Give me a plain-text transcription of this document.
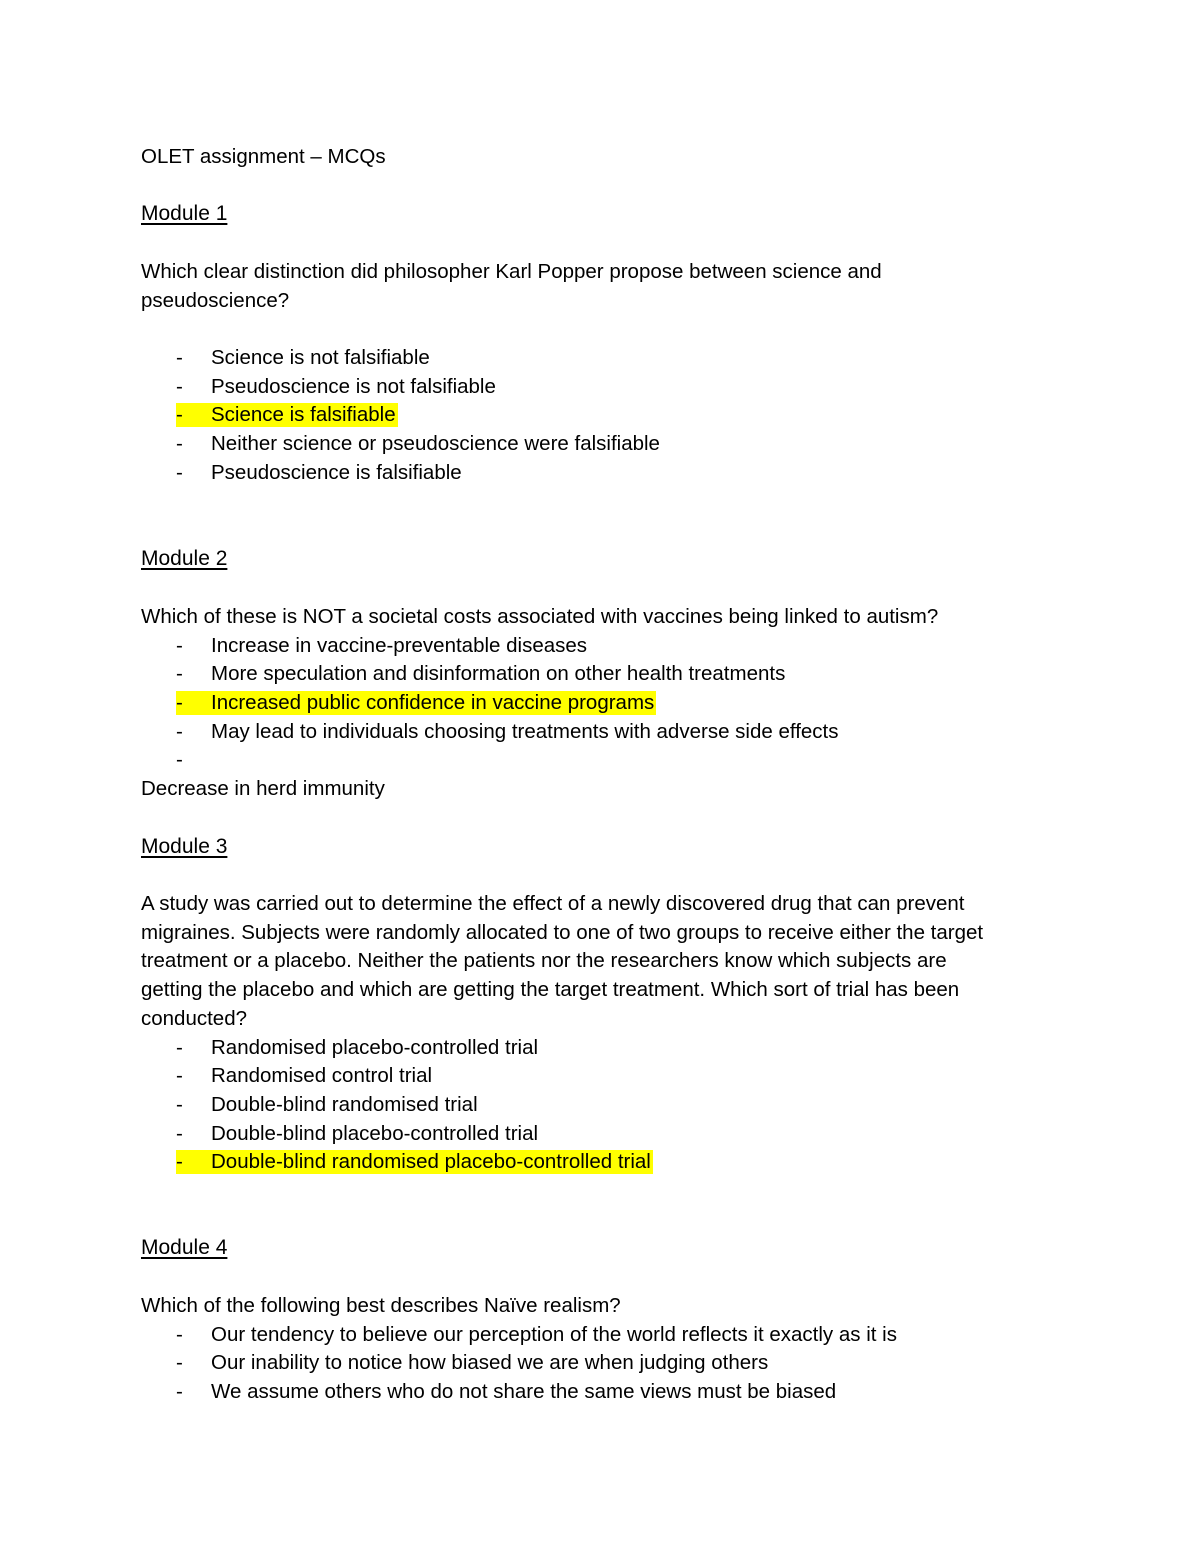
OLET assignment – MCQs
Module 1
Which clear distinction did philosopher Karl Popper propose between science and
pseudoscience?
- Science is not falsifiable
- Pseudoscience is not falsifiable
- Science is falsifiable
- Neither science or pseudoscience were falsifiable
- Pseudoscience is falsifiable
Module 2
Which of these is NOT a societal costs associated with vaccines being linked to autism?
- Increase in vaccine-preventable diseases
- More speculation and disinformation on other health treatments
- Increased public confidence in vaccine programs
- May lead to individuals choosing treatments with adverse side effects
-
Decrease in herd immunity
Module 3
A study was carried out to determine the effect of a newly discovered drug that can prevent
migraines. Subjects were randomly allocated to one of two groups to receive either the target
treatment or a placebo. Neither the patients nor the researchers know which subjects are
getting the placebo and which are getting the target treatment. Which sort of trial has been
conducted?
- Randomised placebo-controlled trial
- Randomised control trial
- Double-blind randomised trial
- Double-blind placebo-controlled trial
- Double-blind randomised placebo-controlled trial
Module 4
Which of the following best describes Naïve realism?
- Our tendency to believe our perception of the world reflects it exactly as it is
- Our inability to notice how biased we are when judging others
- We assume others who do not share the same views must be biased
